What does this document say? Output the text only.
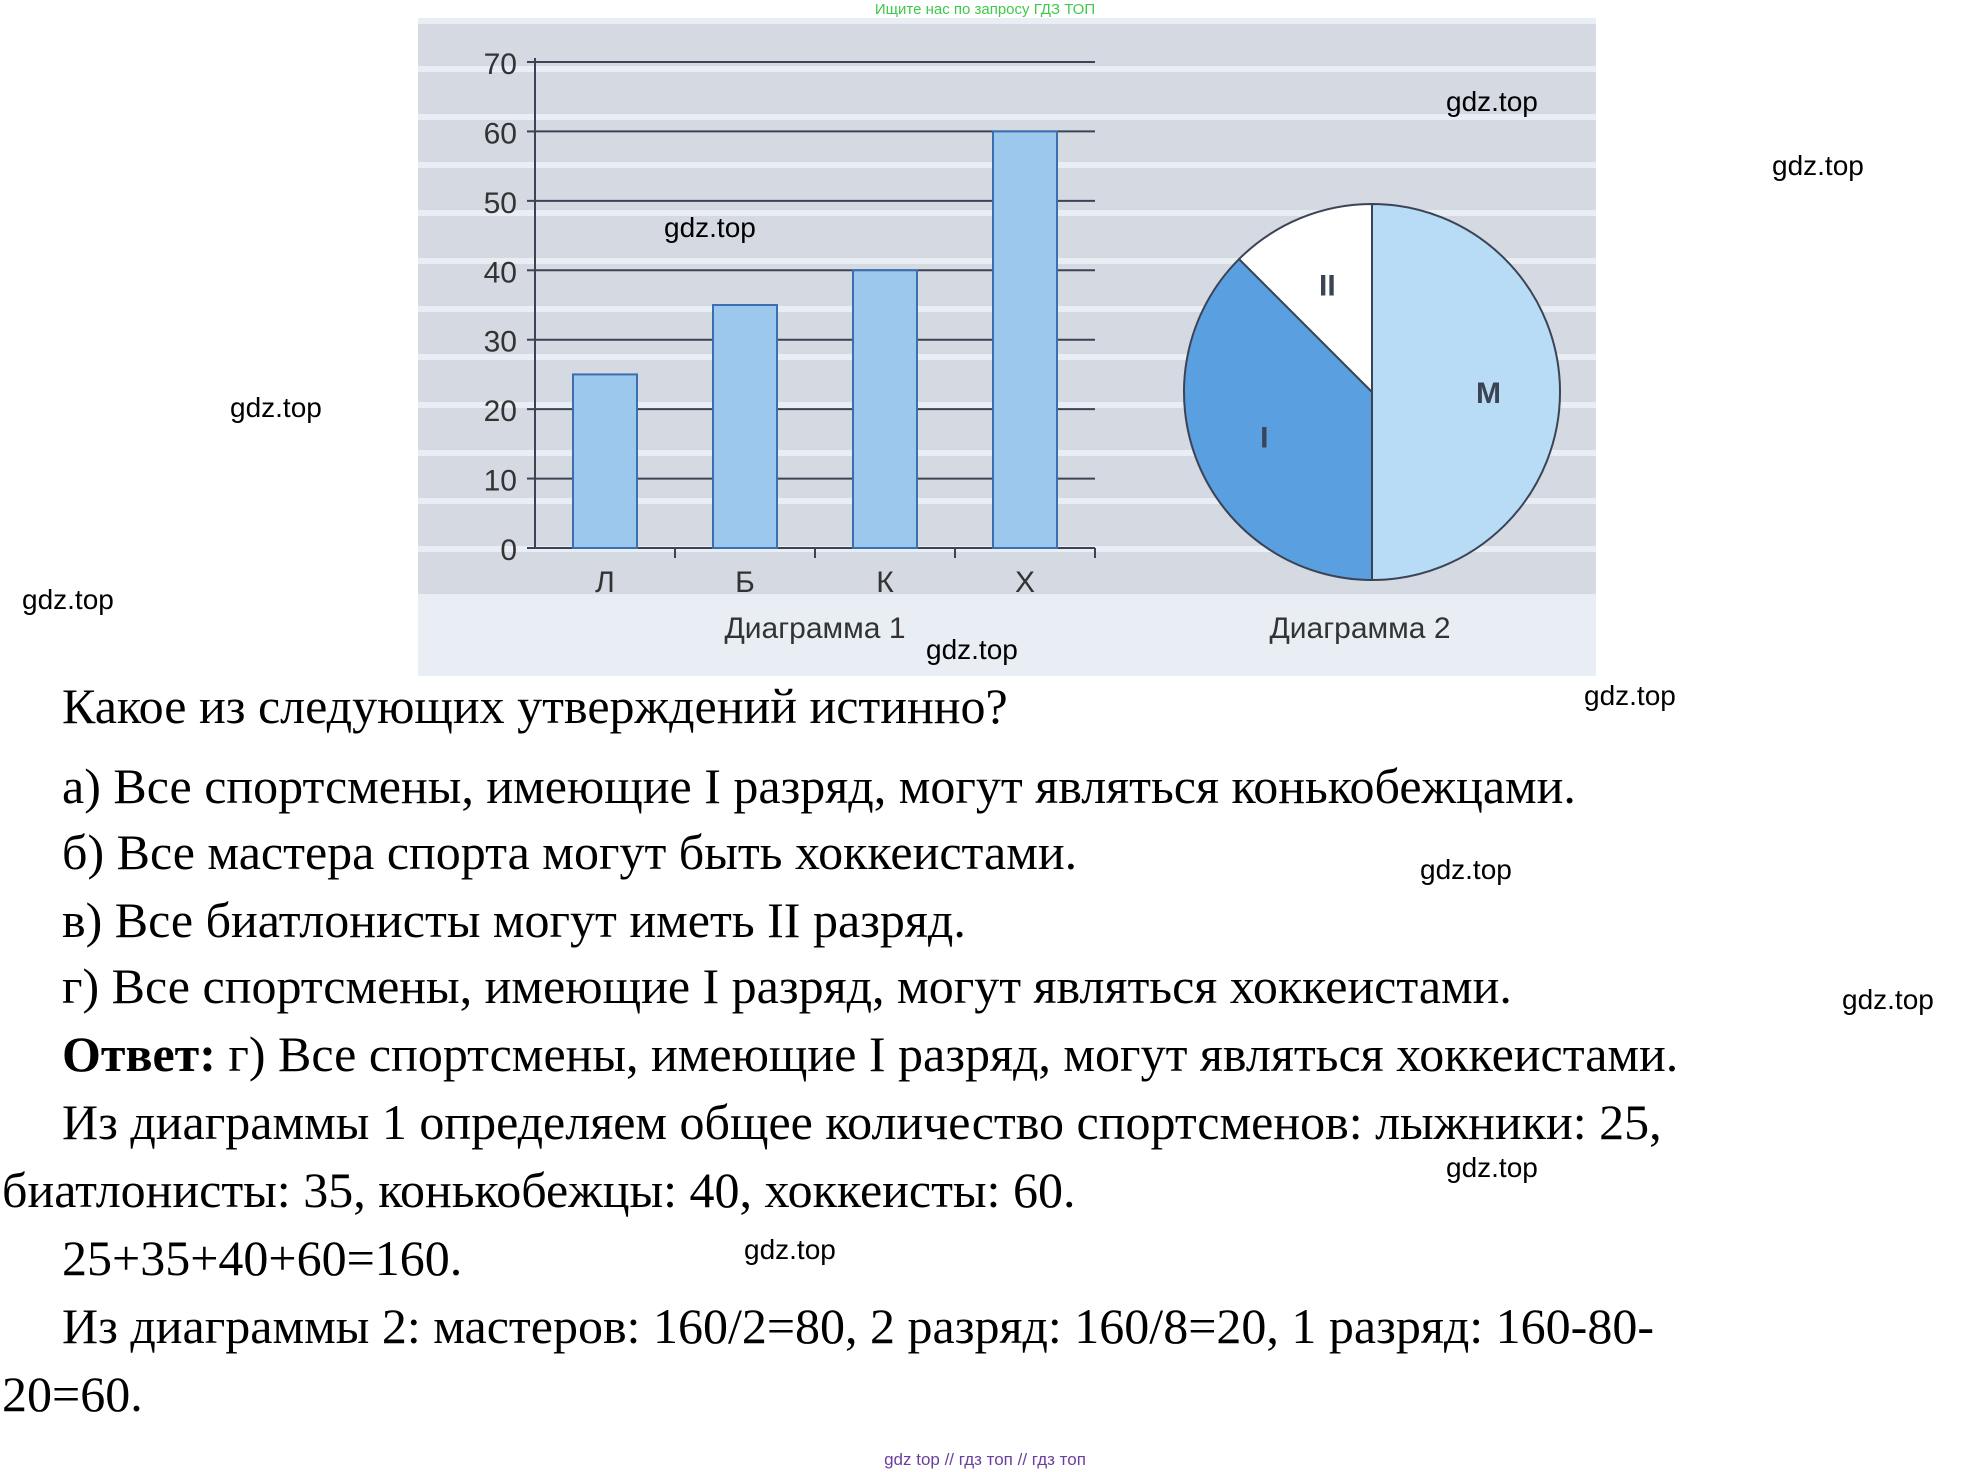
Ищите нас по запросу ГДЗ ТОП
0
10
20
30
40
50
60
70
Л	Б	К	Х
Диаграмма 1
М
I
II
Диаграмма 2
gdz.top
gdz.top
gdz.top
gdz.top
gdz.top
gdz.top
gdz.top
gdz.top
gdz.top
gdz.top
gdz.top
Какое из следующих утверждений истинно?
а) Все спортсмены, имеющие I разряд, могут являться конькобежцами.
б) Все мастера спорта могут быть хоккеистами.
в) Все биатлонисты могут иметь II разряд.
г) Все спортсмены, имеющие I разряд, могут являться хоккеистами.
Ответ: г) Все спортсмены, имеющие I разряд, могут являться хоккеистами.
Из диаграммы 1 определяем общее количество спортсменов: лыжники: 25,
биатлонисты: 35, конькобежцы: 40, хоккеисты: 60.
25+35+40+60=160.
Из диаграммы 2: мастеров: 160/2=80, 2 разряд: 160/8=20, 1 разряд: 160-80-
20=60.
gdz top // гдз топ // гдз топ
